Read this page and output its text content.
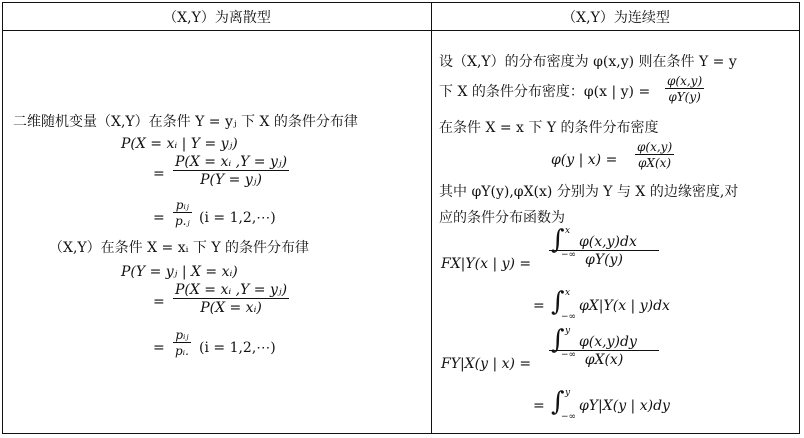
（X,Y）为离散型	（X,Y）为连续型
二维随机变量（X,Y）在条件 Y = yⱼ 下 X 的条件分布律
P(X = xᵢ | Y = yⱼ)
=
P(X = xᵢ ,Y = yⱼ)
P(Y = yⱼ)
=
pᵢⱼ
p.ⱼ (i = 1,2,⋯)
（X,Y）在条件 X = xᵢ 下 Y 的条件分布律
P(Y = yⱼ | X = xᵢ)
=
P(X = xᵢ ,Y = yⱼ)
P(X = xᵢ)
=
pᵢⱼ
pᵢ. (i = 1,2,⋯)
设（X,Y）的分布密度为 φ(x,y) 则在条件 Y = y
下 X 的条件分布密度：φ(x | y) =
φ(x,y)
φY(y)
在条件 X = x 下 Y 的条件分布密度
φ(y | x) =
φ(x,y)
φX(x)
其中 φY(y),φX(x) 分别为 Y 与 X 的边缘密度,对
应的条件分布函数为
FX|Y(x | y) =
∫ x
−∞
φ(x,y)dx
φY(y)
= ∫ x
−∞
φX|Y(x | y)dx
FY|X(y | x) =
∫ y
−∞
φ(x,y)dy
φX(x)
= ∫ y
−∞
φY|X(y | x)dy
